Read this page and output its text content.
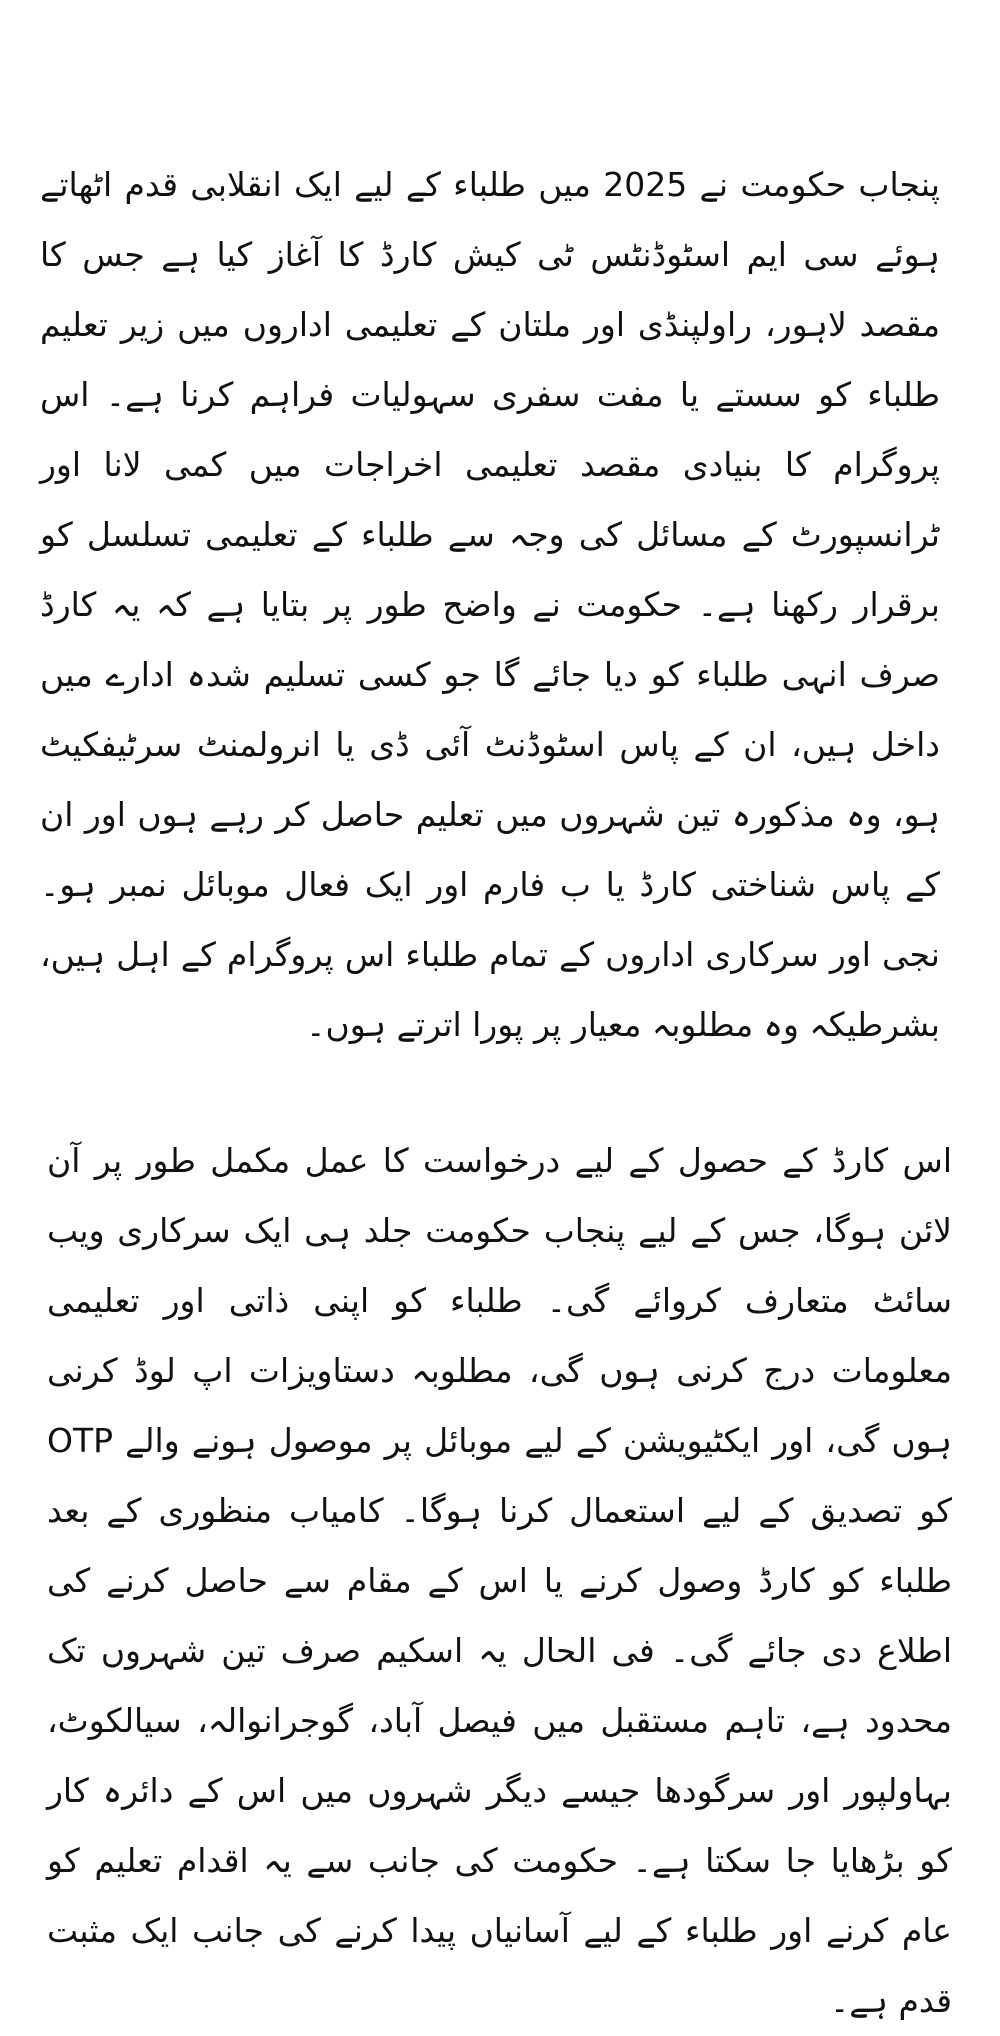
پنجاب حکومت نے 2025 میں طلباء کے لیے ایک انقلابی قدم اٹھاتے ہوئے سی ایم اسٹوڈنٹس ٹی کیش کارڈ کا آغاز کیا ہے جس کا مقصد لاہور، راولپنڈی اور ملتان کے تعلیمی اداروں میں زیر تعلیم طلباء کو سستے یا مفت سفری سہولیات فراہم کرنا ہے۔ اس پروگرام کا بنیادی مقصد تعلیمی اخراجات میں کمی لانا اور ٹرانسپورٹ کے مسائل کی وجہ سے طلباء کے تعلیمی تسلسل کو برقرار رکھنا ہے۔ حکومت نے واضح طور پر بتایا ہے کہ یہ کارڈ صرف انہی طلباء کو دیا جائے گا جو کسی تسلیم شدہ ادارے میں داخل ہیں، ان کے پاس اسٹوڈنٹ آئی ڈی یا انرولمنٹ سرٹیفکیٹ ہو، وہ مذکورہ تین شہروں میں تعلیم حاصل کر رہے ہوں اور ان کے پاس شناختی کارڈ یا ب فارم اور ایک فعال موبائل نمبر ہو۔ نجی اور سرکاری اداروں کے تمام طلباء اس پروگرام کے اہل ہیں، بشرطیکہ وہ مطلوبہ معیار پر پورا اترتے ہوں۔

اس کارڈ کے حصول کے لیے درخواست کا عمل مکمل طور پر آن لائن ہوگا، جس کے لیے پنجاب حکومت جلد ہی ایک سرکاری ویب سائٹ متعارف کروائے گی۔ طلباء کو اپنی ذاتی اور تعلیمی معلومات درج کرنی ہوں گی، مطلوبہ دستاویزات اپ لوڈ کرنی ہوں گی، اور ایکٹیویشن کے لیے موبائل پر موصول ہونے والے OTP کو تصدیق کے لیے استعمال کرنا ہوگا۔ کامیاب منظوری کے بعد طلباء کو کارڈ وصول کرنے یا اس کے مقام سے حاصل کرنے کی اطلاع دی جائے گی۔ فی الحال یہ اسکیم صرف تین شہروں تک محدود ہے، تاہم مستقبل میں فیصل آباد، گوجرانوالہ، سیالکوٹ، بہاولپور اور سرگودھا جیسے دیگر شہروں میں اس کے دائرہ کار کو بڑھایا جا سکتا ہے۔ حکومت کی جانب سے یہ اقدام تعلیم کو عام کرنے اور طلباء کے لیے آسانیاں پیدا کرنے کی جانب ایک مثبت قدم ہے۔
